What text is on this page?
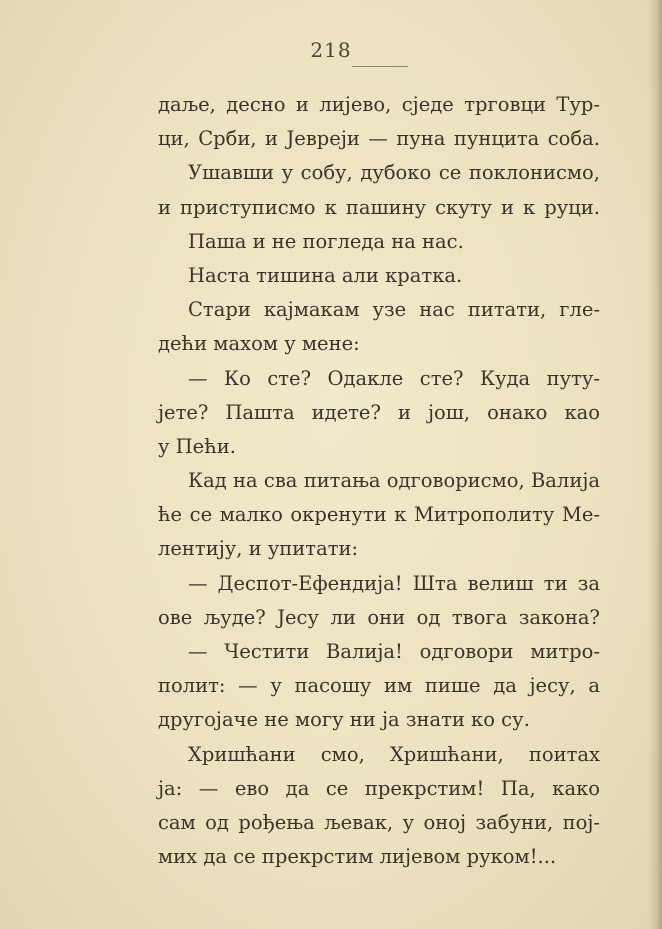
218
даље, десно и лијево, сједе трговци Тур-
ци, Срби, и Јевреји — пуна пунцита соба.
Ушавши у собу, дубоко се поклонисмо,
и приступисмо к пашину скуту и к руци.
Паша и не погледа на нас.
Наста тишина али кратка.
Стари кајмакам узе нас питати, гле-
дећи махом у мене:
— Ко сте? Одакле сте? Куда путу-
јете? Пашта идете? и још, онако као
у Пећи.
Кад на сва питања одговорисмо, Валија
ће се малко окренути к Митрополиту Ме-
лентију, и упитати:
— Деспот-Ефендија! Шта велиш ти за
ове људе? Јесу ли они од твога закона?
— Честити Валија! одговори митро-
полит: — у пасошу им пише да јесу, а
другојаче не могу ни ја знати ко су.
Хришћани смо, Хришћани, поитах
ја: — ево да се прекрстим! Па, како
сам од рођења љевак, у оној забуни, пој-
мих да се прекрстим лијевом руком!...
